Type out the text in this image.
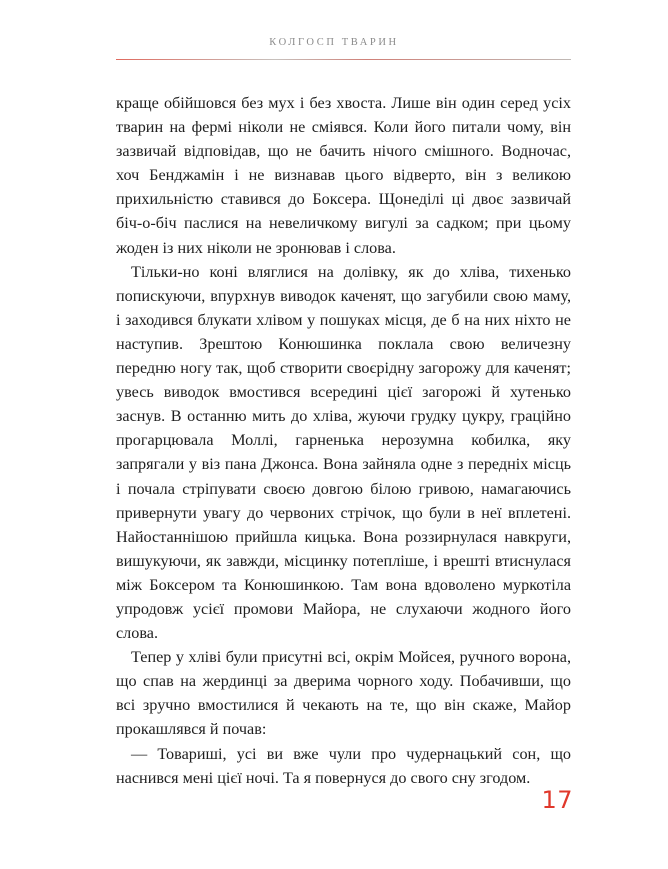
КОЛГОСП ТВАРИН

краще обійшовся без мух і без хвоста. Лише він один серед усіх тварин на фермі ніколи не сміявся. Коли його питали чому, він зазвичай відповідав, що не бачить нічого смішного. Водночас, хоч Бенджамін і не визнавав цього відверто, він з великою прихильністю ставився до Боксера. Щонеділі ці двоє зазвичай біч-о-біч паслися на невеличкому вигулі за садком; при цьому жоден із них ніколи не зронював і слова.

Тільки-но коні вляглися на долівку, як до хліва, тихенько попискуючи, впурхнув виводок каченят, що загубили свою маму, і заходився блукати хлівом у пошуках місця, де б на них ніхто не наступив. Зрештою Конюшинка поклала свою величезну передню ногу так, щоб створити своєрідну загорожу для каченят; увесь виводок вмостився всередині цієї загорожі й хутенько заснув. В останню мить до хліва, жуючи грудку цукру, граційно прогарцювала Моллі, гарненька нерозумна кобилка, яку запрягали у віз пана Джонса. Вона зайняла одне з передніх місць і почала стріпувати своєю довгою білою гривою, намагаючись привернути увагу до червоних стрічок, що були в неї вплетені. Найостаннішою прийшла кицька. Вона роззирнулася навкруги, вишукуючи, як завжди, місцинку потепліше, і врешті втиснулася між Боксером та Конюшинкою. Там вона вдоволено муркотіла упродовж усієї промови Майора, не слухаючи жодного його слова.

Тепер у хліві були присутні всі, окрім Мойсея, ручного ворона, що спав на жердинці за дверима чорного ходу. Побачивши, що всі зручно вмостилися й чекають на те, що він скаже, Майор прокашлявся й почав:

— Товариші, усі ви вже чули про чудернацький сон, що наснився мені цієї ночі. Та я повернуся до свого сну згодом.

17
